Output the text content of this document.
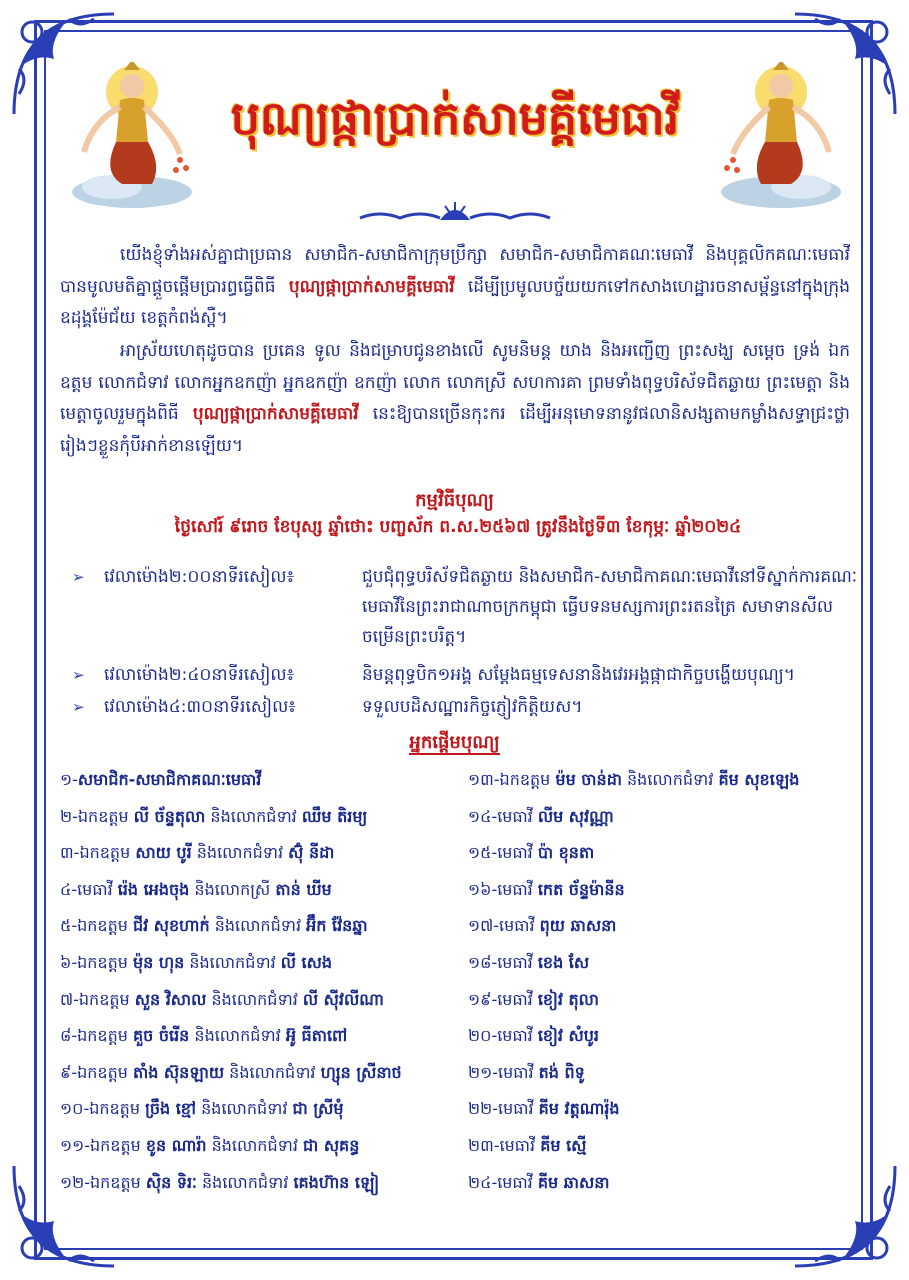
បុណ្យផ្កាប្រាក់សាមគ្គីមេធាវី
យើងខ្ញុំទាំងអស់គ្នាជាប្រធាន សមាជិក-សមាជិកាក្រុមប្រឹក្សា សមាជិក-សមាជិកាគណៈមេធាវី និងបុគ្គលិកគណៈមេធាវី បានមូលមតិគ្នាផ្តួចផ្តើមប្រារព្ធធ្វើពិធី បុណ្យផ្កាប្រាក់សាមគ្គីមេធាវី ដើម្បីប្រមូលបច្ច័យយកទៅកសាងហេដ្ឋារចនាសម្ព័ន្ធនៅក្នុងក្រុងឧដុង្គម៉ែជ័យ ខេត្តកំពង់ស្ពឺ។
អាស្រ័យហេតុដូចបាន ប្រគេន ទូល និងជម្រាបជូនខាងលើ សូមនិមន្ត យាង និងអញ្ជើញ ព្រះសង្ឃ សម្តេច ទ្រង់ ឯកឧត្តម លោកជំទាវ លោកអ្នកឧកញ៉ា អ្នកឧកញ៉ា ឧកញ៉ា លោក លោកស្រី សហការគា ព្រមទាំងពុទ្ធបរិស័ទជិតឆ្ងាយ ព្រះមេត្តា និងមេត្តាចូលរួមក្នុងពិធី បុណ្យផ្កាប្រាក់សាមគ្គីមេធាវី នេះឱ្យបានច្រើនកុះករ ដើម្បីអនុមោទនានូវផលានិសង្សតាមកម្លាំងសទ្ធាជ្រះថ្លារៀងៗខ្លួនកុំបីអាក់ខានឡើយ។
កម្មវិធីបុណ្យ
ថ្ងៃសៅរ៍ ៩រោច ខែបុស្ស ឆ្នាំថោះ បញ្ចស័ក ព.ស.២៥៦៧ ត្រូវនឹងថ្ងៃទី៣ ខែកុម្ភៈ ឆ្នាំ២០២៤
➢ វេលាម៉ោង២:០០នាទីរសៀល៖	ជួបជុំពុទ្ធបរិស័ទជិតឆ្ងាយ និងសមាជិក-សមាជិកាគណៈមេធាវីនៅទីស្នាក់ការគណៈមេធាវីនៃព្រះរាជាណាចក្រកម្ពុជា ធ្វើបទនមស្សការព្រះរតនត្រៃ សមាទានសីល ចម្រើនព្រះបរិត្ត។
➢ វេលាម៉ោង២:៤០នាទីរសៀល៖	និមន្តពុទ្ធបិក១អង្គ សម្តែងធម្មទេសនានិងវេរអង្គផ្កាជាកិច្ចបង្ហើយបុណ្យ។
➢ វេលាម៉ោង៤:៣០នាទីរសៀល៖	ទទួលបដិសណ្ឋារកិច្ចភ្ញៀវកិត្តិយស។
អ្នកផ្តើមបុណ្យ
១-សមាជិក-សមាជិកាគណៈមេធាវី
២-ឯកឧត្តម លី ច័ន្ទតុលា និងលោកជំទាវ ឈឹម តិរម្យ
៣-ឯកឧត្តម សាយ បូរី និងលោកជំទាវ ស៊ុំ នីដា
៤-មេធាវី រ៉េង អេងចុង និងលោកស្រី តាន់ ឃីម
៥-ឯកឧត្តម ជីវ សុខហាក់ និងលោកជំទាវ អ៊ឹក វ៉ែនឆ្នា
៦-ឯកឧត្តម ម៉ុន ហុន និងលោកជំទាវ លី សេង
៧-ឯកឧត្តម សួន វិសាល និងលោកជំទាវ លី ស៊ីវលីណា
៨-ឯកឧត្តម គួច ចំរើន និងលោកជំទាវ អ៊ូ ធីតាពៅ
៩-ឯកឧត្តម តាំង ស៊ុនឡាយ និងលោកជំទាវ ហ្សុន ស្រីនាថ
១០-ឯកឧត្តម ច្រឹង ខ្មៅ និងលោកជំទាវ ជា ស្រីមុំ
១១-ឯកឧត្តម ខូន ណារ៉ា និងលោកជំទាវ ជា សុគន្ធ
១២-ឯកឧត្តម ស៊ិន ទិរៈ និងលោកជំទាវ គេងហ៊ាន ឡៀ
១៣-ឯកឧត្តម ម៉ម ចាន់ដា និងលោកជំទាវ គីម សុខឡេង
១៤-មេធាវី លីម សុវណ្ណា
១៥-មេធាវី ប៉ា ខុនតា
១៦-មេធាវី កេត ច័ន្ទម៉ានីន
១៧-មេធាវី ពុយ ឆាសនា
១៨-មេធាវី ខេង សែ
១៩-មេធាវី ខៀវ តុលា
២០-មេធាវី ខៀវ សំបូរ
២១-មេធាវី តង់ ពិទូ
២២-មេធាវី គីម វត្តណារ៉ុង
២៣-មេធាវី គីម ស្មើ
២៤-មេធាវី គីម ឆាសនា
